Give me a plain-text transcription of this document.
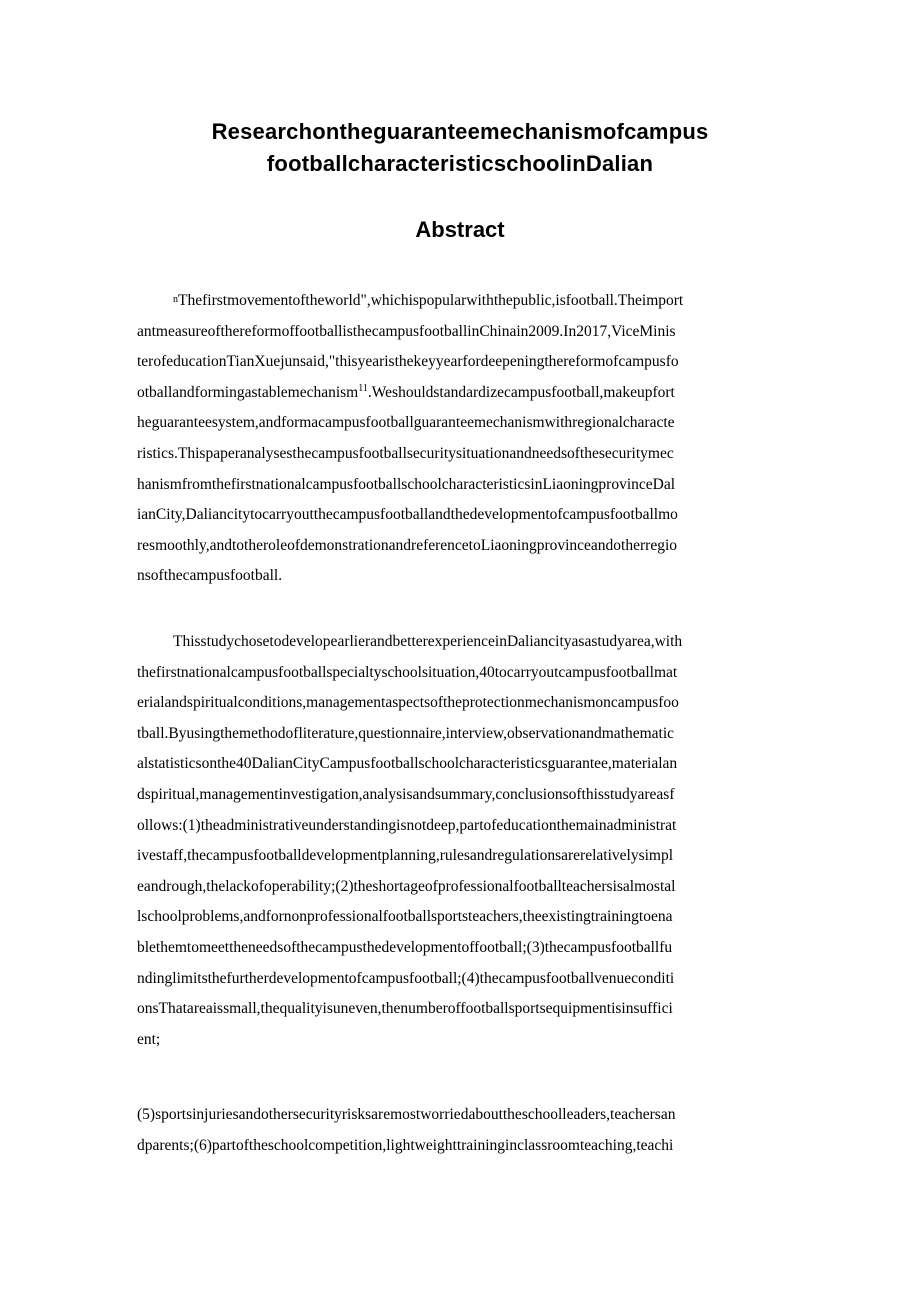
Researchontheguaranteemechanismofcampus
footballcharacteristicschoolinDalian
Abstract
$^n$Thefirstmovementoftheworld",whichispopularwiththepublic,isfootball.Theimport
antmeasureofthereformoffootballisthecampusfootballinChinain2009.In2017,ViceMinis
terofeducationTianXuejunsaid,"thisyearisthekeyyearfordeepeningthereformofcampusfo
otballandformingastablemechanism$^{11}$.Weshouldstandardizecampusfootball,makeupfort
heguaranteesystem,andformacampusfootballguaranteemechanismwithregionalcharacte
ristics.Thispaperanalysesthecampusfootballsecuritysituationandneedsofthesecuritymec
hanismfromthefirstnationalcampusfootballschoolcharacteristicsinLiaoningprovinceDal
ianCity,Daliancitytocarryoutthecampusfootballandthedevelopmentofcampusfootballmo
resmoothly,andtotheroleofdemonstrationandreferencetoLiaoningprovinceandotherregio
nsofthecampusfootball.
ThisstudychosetodevelopearlierandbetterexperienceinDaliancityasastudyarea,with
thefirstnationalcampusfootballspecialtyschoolsituation,40tocarryoutcampusfootballmat
erialandspiritualconditions,managementaspectsoftheprotectionmechanismoncampusfoo
tball.Byusingthemethodofliterature,questionnaire,interview,observationandmathematic
alstatisticsonthe40DalianCityCampusfootballschoolcharacteristicsguarantee,materialan
dspiritual,managementinvestigation,analysisandsummary,conclusionsofthisstudyareasf
ollows:(1)theadministrativeunderstandingisnotdeep,partofeducationthemainadministrat
ivestaff,thecampusfootballdevelopmentplanning,rulesandregulationsarerelativelysimpl
eandrough,thelackofoperability;(2)theshortageofprofessionalfootballteachersisalmostal
lschoolproblems,andfornonprofessionalfootballsportsteachers,theexistingtrainingtoena
blethemtomeettheneedsofthecampusthedevelopmentoffootball;(3)thecampusfootballfu
ndinglimitsthefurtherdevelopmentofcampusfootball;(4)thecampusfootballvenueconditi
onsThatareaissmall,thequalityisuneven,thenumberoffootballsportsequipmentisinsuffici
ent;
(5)sportsinjuriesandothersecurityrisksaremostworriedabouttheschoolleaders,teachersan
dparents;(6)partoftheschoolcompetition,lightweighttraininginclassroomteaching,teachi
